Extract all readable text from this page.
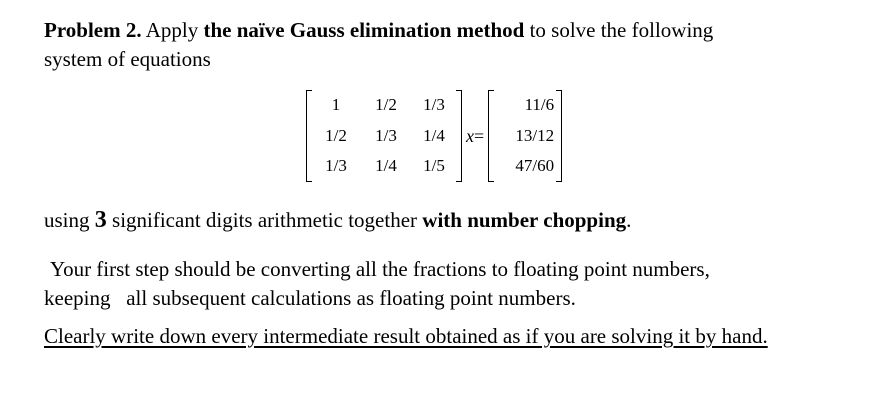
Problem 2. Apply the naïve Gauss elimination method to solve the following
system of equations
1	1/2	1/3
1/2	1/3	1/4
1/3	1/4	1/5
x=
11/6
13/12
47/60
using 3 significant digits arithmetic together with number chopping.
Your first step should be converting all the fractions to floating point numbers,
keeping   all subsequent calculations as floating point numbers.
Clearly write down every intermediate result obtained as if you are solving it by hand.
